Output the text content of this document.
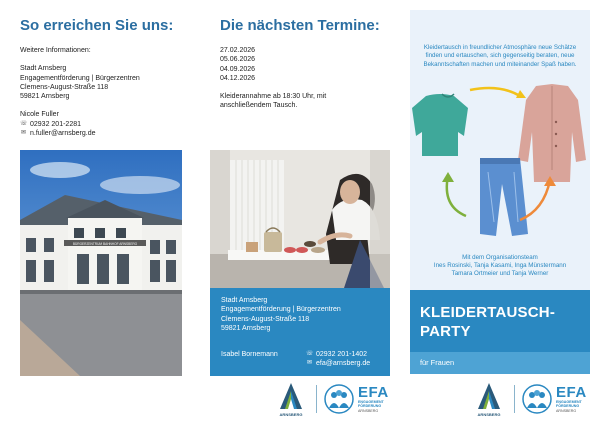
So erreichen Sie uns:
Weitere Informationen:
Stadt Arnsberg
Engagementförderung | Bürgerzentren
Clemens-August-Straße 118
59821 Arnsberg
Nicole Fuller
☏ 02932 201-2281
✉ n.fuller@arnsberg.de
BÜRGERZENTRUM BAHNHOF ARNSBERG
Die nächsten Termine:
27.02.2026
05.06.2026
04.09.2026
04.12.2026
Kleiderannahme ab 18:30 Uhr, mit anschließendem Tausch.
Stadt Arnsberg
Engagementförderung | Bürgerzentren
Clemens-August-Straße 118
59821 Arnsberg
Isabel Bornemann	☏ 02932 201-1402
✉ efa@arnsberg.de
ARNSBERG
EFA
ENGAGEMENT
FÖRDERUNG
ARNSBERG
Kleidertausch in freundlicher Atmosphäre neue Schätze finden und ertauschen, sich gegenseitig beraten, neue Bekanntschaften machen und miteinander Spaß haben.
Mit dem Organisationsteam
Ines Rosinski, Tanja Kasami, Inga Münstermann
Tamara Ortmeier und Tanja Werner
KLEIDERTAUSCH-
PARTY
für Frauen
ARNSBERG
EFA
ENGAGEMENT
FÖRDERUNG
ARNSBERG
